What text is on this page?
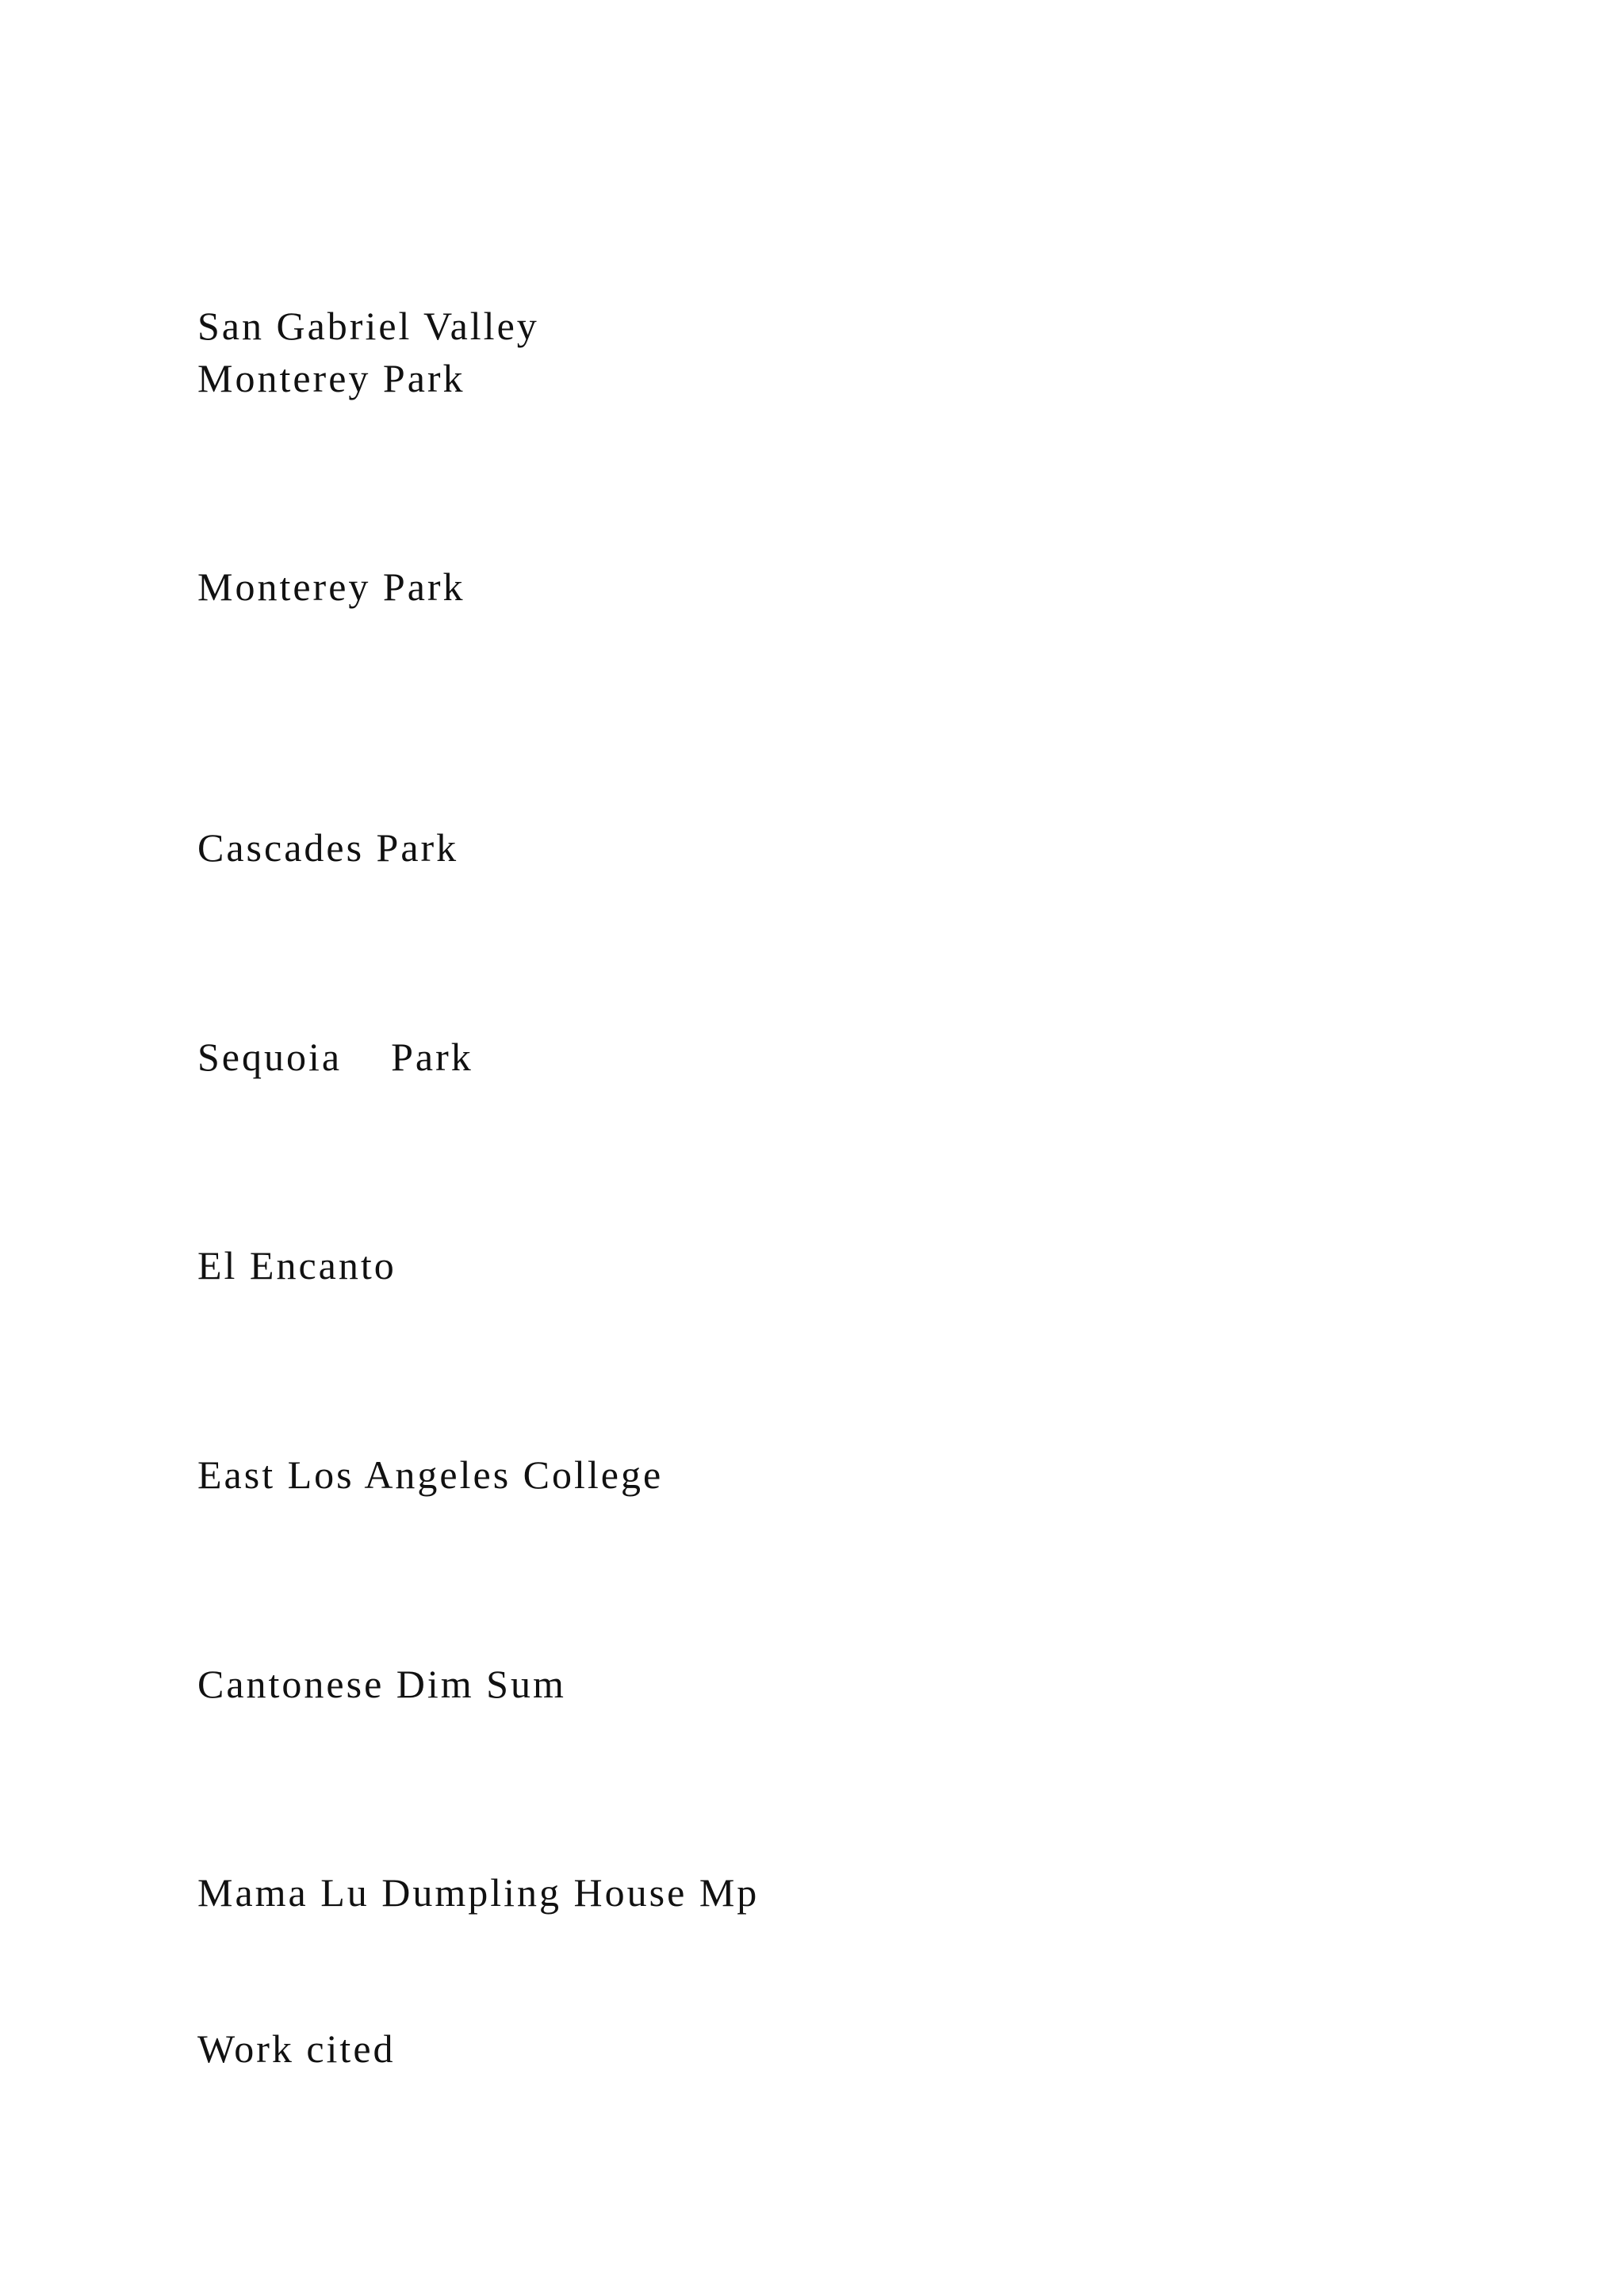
San Gabriel Valley

Monterey Park

Monterey Park

Cascades Park

Sequoia    Park

El Encanto

East Los Angeles College

Cantonese Dim Sum

Mama Lu Dumpling House Mp

Work cited
